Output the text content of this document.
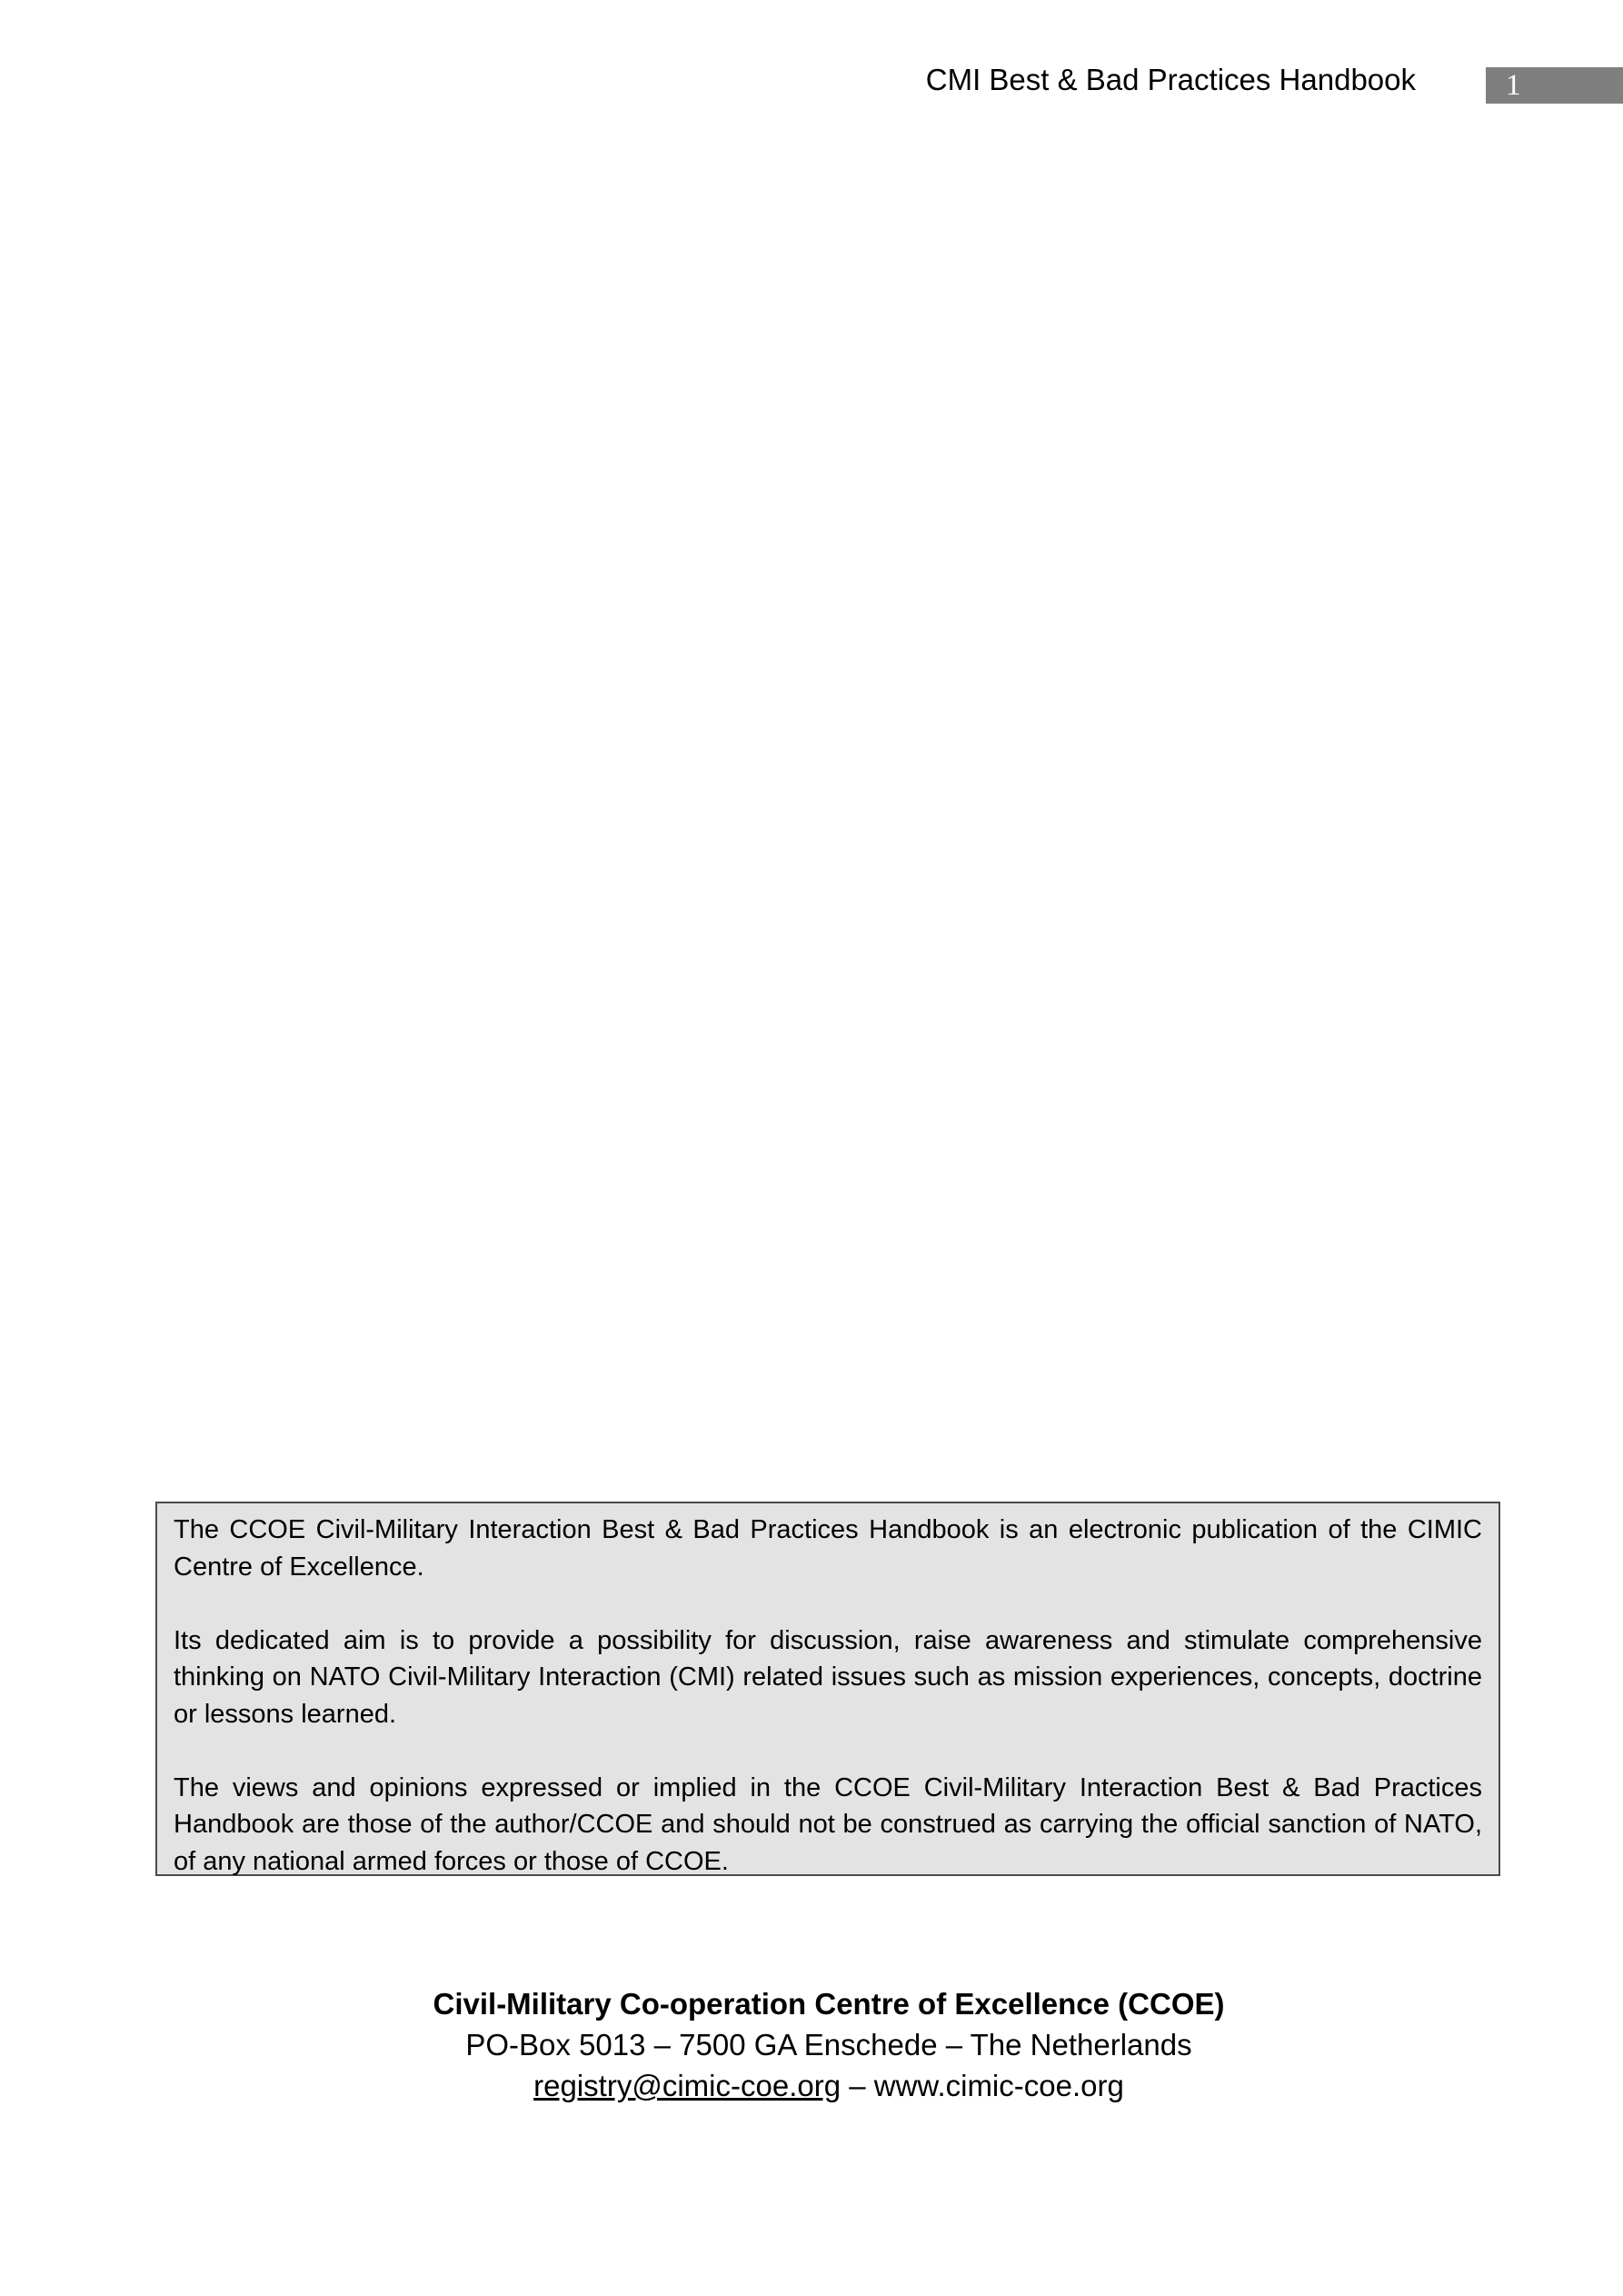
CMI Best & Bad Practices Handbook	1

The CCOE Civil-Military Interaction Best & Bad Practices Handbook is an electronic publication of the CIMIC Centre of Excellence.

Its dedicated aim is to provide a possibility for discussion, raise awareness and stimulate comprehensive thinking on NATO Civil-Military Interaction (CMI) related issues such as mission experiences, concepts, doctrine or lessons learned.

The views and opinions expressed or implied in the CCOE Civil-Military Interaction Best & Bad Practices Handbook are those of the author/CCOE and should not be construed as carrying the official sanction of NATO, of any national armed forces or those of CCOE.

Civil-Military Co-operation Centre of Excellence (CCOE)
PO-Box 5013 – 7500 GA Enschede – The Netherlands
registry@cimic-coe.org – www.cimic-coe.org
